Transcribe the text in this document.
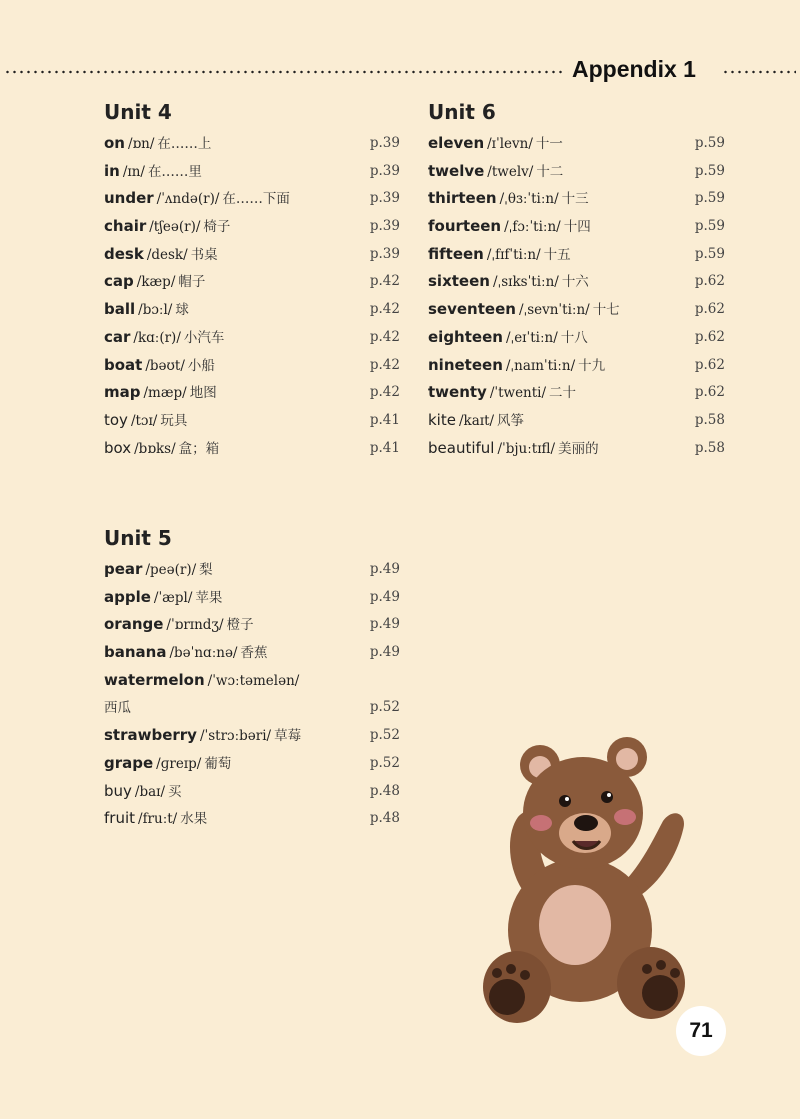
Appendix 1
Unit 4
on /ɒn/ 在……上	p.39
in /ɪn/ 在……里	p.39
under /ˈʌndə(r)/ 在……下面	p.39
chair /tʃeə(r)/ 椅子	p.39
desk /desk/ 书桌	p.39
cap /kæp/ 帽子	p.42
ball /bɔːl/ 球	p.42
car /kɑː(r)/ 小汽车	p.42
boat /bəʊt/ 小船	p.42
map /mæp/ 地图	p.42
toy /tɔɪ/ 玩具	p.41
box /bɒks/ 盒；箱	p.41
Unit 6
eleven /ɪˈlevn/ 十一	p.59
twelve /twelv/ 十二	p.59
thirteen /ˌθɜːˈtiːn/ 十三	p.59
fourteen /ˌfɔːˈtiːn/ 十四	p.59
fifteen /ˌfɪfˈtiːn/ 十五	p.59
sixteen /ˌsɪksˈtiːn/ 十六	p.62
seventeen /ˌsevnˈtiːn/ 十七	p.62
eighteen /ˌeɪˈtiːn/ 十八	p.62
nineteen /ˌnaɪnˈtiːn/ 十九	p.62
twenty /ˈtwenti/ 二十	p.62
kite /kaɪt/ 风筝	p.58
beautiful /ˈbjuːtɪfl/ 美丽的	p.58
Unit 5
pear /peə(r)/ 梨	p.49
apple /ˈæpl/ 苹果	p.49
orange /ˈɒrɪndʒ/ 橙子	p.49
banana /bəˈnɑːnə/ 香蕉	p.49
watermelon /ˈwɔːtəmelən/
西瓜	p.52
strawberry /ˈstrɔːbəri/ 草莓	p.52
grape /ɡreɪp/ 葡萄	p.52
buy /baɪ/ 买	p.48
fruit /fruːt/ 水果	p.48
71
